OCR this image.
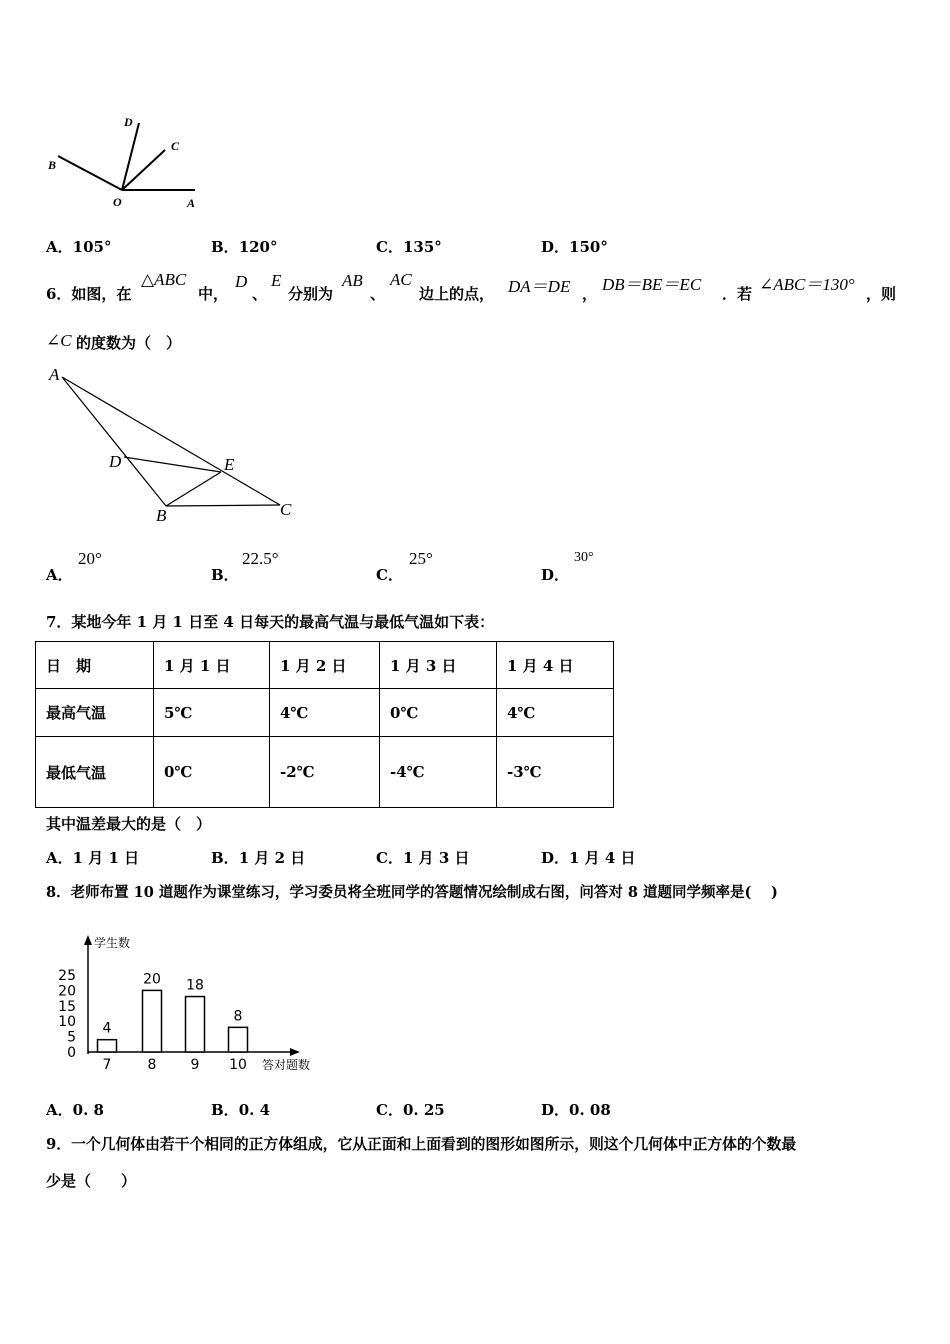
D
C
B
O	A
A．105°	B．120°	C．135°	D．150°
6．如图，在
△ABC
中，
D
、
E
分别为
AB
、
AC
边上的点， DA＝DE ， DB＝BE＝EC ．若 ∠ABC＝130° ，则
∠C 的度数为（　）
A
D	E
B	C
A．
20°
B．
22.5°
C．
25°
D．
30°
7．某地今年 1 月 1 日至 4 日每天的最高气温与最低气温如下表：
日　期	1 月 1 日	1 月 2 日	1 月 3 日	1 月 4 日
最高气温	5℃	4℃	0℃	4℃
最低气温	0℃	-2℃	-4℃	-3℃
其中温差最大的是（　）
A．1 月 1 日	B．1 月 2 日	C．1 月 3 日	D．1 月 4 日
8．老师布置 10 道题作为课堂练习，学习委员将全班同学的答题情况绘制成右图，问答对 8 道题同学频率是(　 )
学生数
答对题数
0
5
10
15
20
25
4
7
20
8
18
9
8
10
A．0. 8	B．0. 4	C．0. 25	D．0. 08
9．一个几何体由若干个相同的正方体组成，它从正面和上面看到的图形如图所示，则这个几何体中正方体的个数最
少是（　　）
